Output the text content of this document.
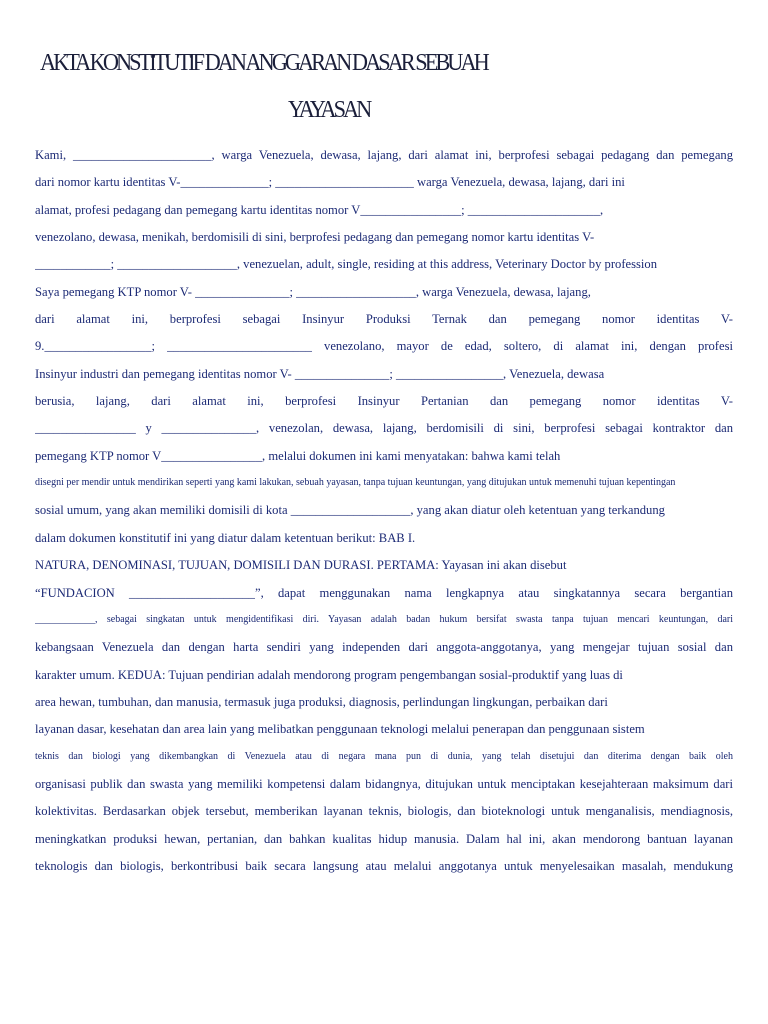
AKTA KONSTITUTIF DAN ANGGARAN DASAR SEBUAH
YAYASAN
Kami, ______________________, warga Venezuela, dewasa, lajang, dari alamat ini, berprofesi sebagai pedagang dan pemegang
dari nomor kartu identitas V-______________; ______________________ warga Venezuela, dewasa, lajang, dari ini
alamat, profesi pedagang dan pemegang kartu identitas nomor V________________; _____________________,
venezolano, dewasa, menikah, berdomisili di sini, berprofesi pedagang dan pemegang nomor kartu identitas V-
____________; ___________________, venezuelan, adult, single, residing at this address, Veterinary Doctor by profession
Saya pemegang KTP nomor V- _______________; ___________________, warga Venezuela, dewasa, lajang,
dari alamat ini, berprofesi sebagai Insinyur Produksi Ternak dan pemegang nomor identitas V-
9._________________; _______________________ venezolano, mayor de edad, soltero, di alamat ini, dengan profesi
Insinyur industri dan pemegang identitas nomor V- _______________; _________________, Venezuela, dewasa
berusia, lajang, dari alamat ini, berprofesi Insinyur Pertanian dan pemegang nomor identitas V-
________________ y _______________, venezolan, dewasa, lajang, berdomisili di sini, berprofesi sebagai kontraktor dan
pemegang KTP nomor V________________, melalui dokumen ini kami menyatakan: bahwa kami telah
disegni per mendir untuk mendirikan seperti yang kami lakukan, sebuah yayasan, tanpa tujuan keuntungan, yang ditujukan untuk memenuhi tujuan kepentingan
sosial umum, yang akan memiliki domisili di kota ___________________, yang akan diatur oleh ketentuan yang terkandung
dalam dokumen konstitutif ini yang diatur dalam ketentuan berikut: BAB I.
NATURA, DENOMINASI, TUJUAN, DOMISILI DAN DURASI. PERTAMA: Yayasan ini akan disebut
“FUNDACION ____________________”, dapat menggunakan nama lengkapnya atau singkatannya secara bergantian
____________, sebagai singkatan untuk mengidentifikasi diri. Yayasan adalah badan hukum bersifat swasta tanpa tujuan mencari keuntungan, dari
kebangsaan Venezuela dan dengan harta sendiri yang independen dari anggota-anggotanya, yang mengejar tujuan sosial dan
karakter umum. KEDUA: Tujuan pendirian adalah mendorong program pengembangan sosial-produktif yang luas di
area hewan, tumbuhan, dan manusia, termasuk juga produksi, diagnosis, perlindungan lingkungan, perbaikan dari
layanan dasar, kesehatan dan area lain yang melibatkan penggunaan teknologi melalui penerapan dan penggunaan sistem
teknis dan biologi yang dikembangkan di Venezuela atau di negara mana pun di dunia, yang telah disetujui dan diterima dengan baik oleh
organisasi publik dan swasta yang memiliki kompetensi dalam bidangnya, ditujukan untuk menciptakan kesejahteraan maksimum dari
kolektivitas. Berdasarkan objek tersebut, memberikan layanan teknis, biologis, dan bioteknologi untuk menganalisis, mendiagnosis,
meningkatkan produksi hewan, pertanian, dan bahkan kualitas hidup manusia. Dalam hal ini, akan mendorong bantuan layanan
teknologis dan biologis, berkontribusi baik secara langsung atau melalui anggotanya untuk menyelesaikan masalah, mendukung
